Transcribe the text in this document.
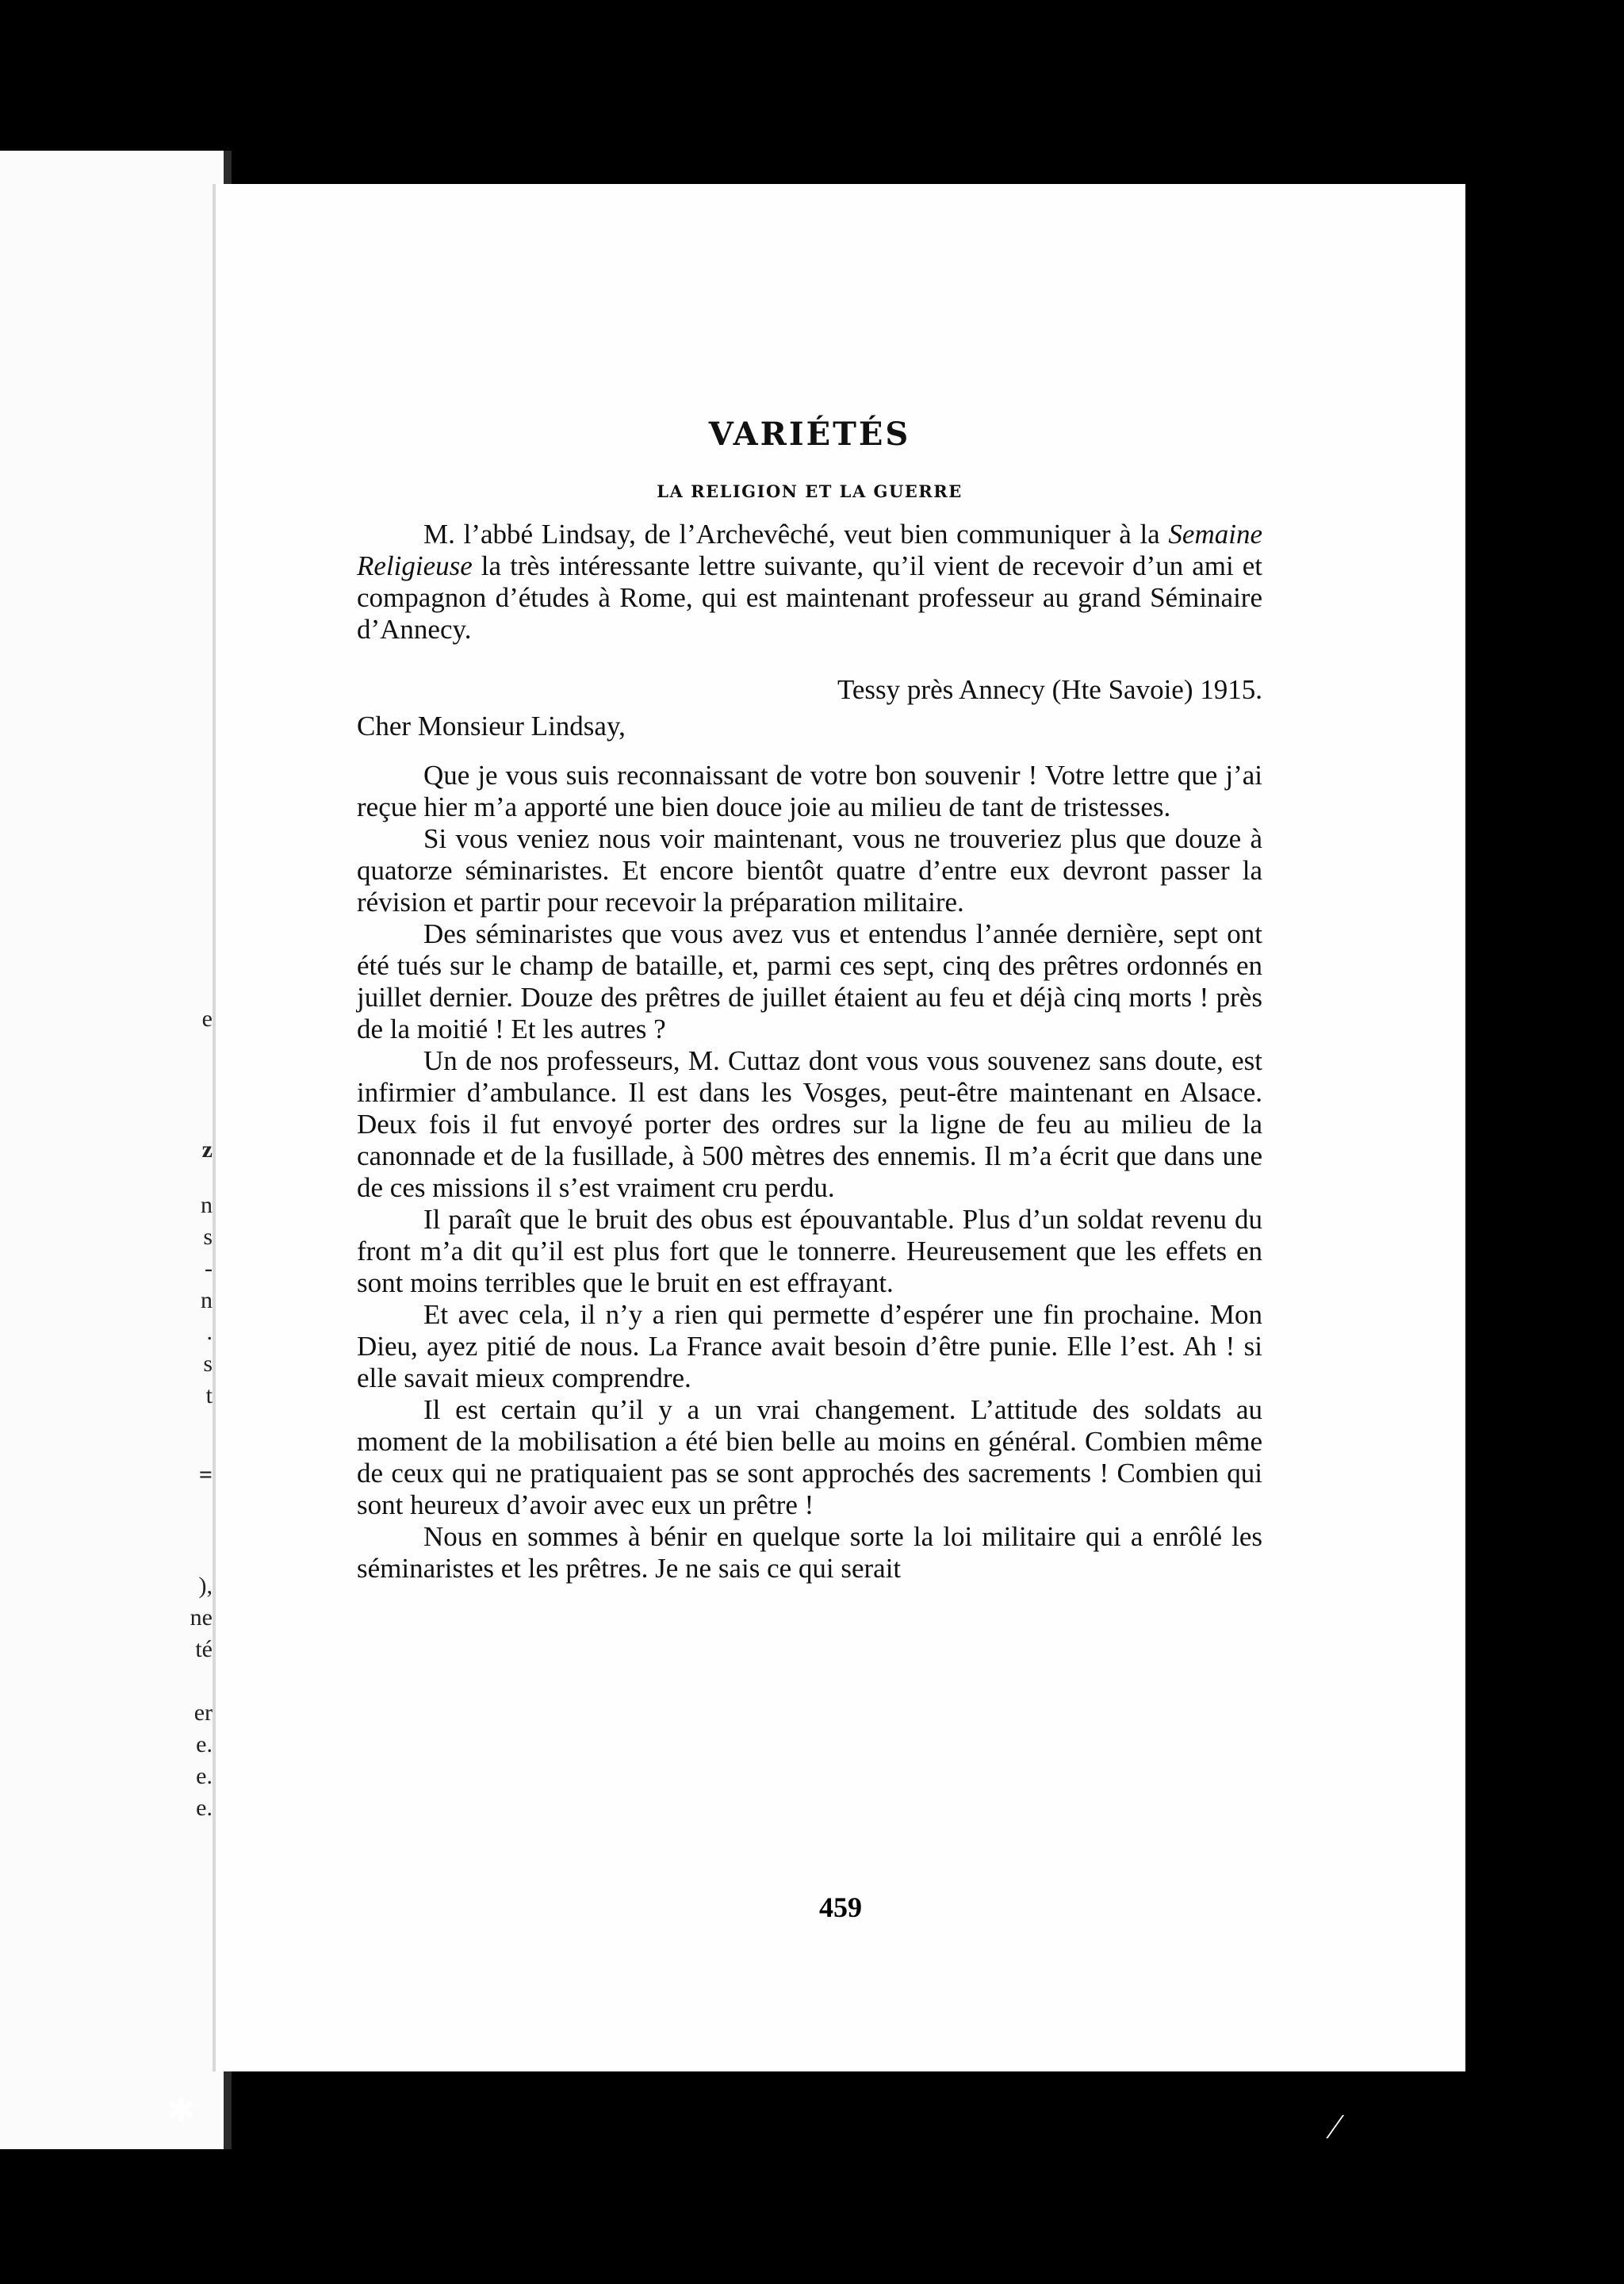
e
z
n
s
-
n
.
s
t
=
),
ne
té
er
e.
e.
e.
VARIÉTÉS
LA RELIGION ET LA GUERRE

M. l’abbé Lindsay, de l’Archevêché, veut bien communiquer à la Semaine Religieuse la très intéressante lettre suivante, qu’il vient de recevoir d’un ami et compagnon d’études à Rome, qui est maintenant professeur au grand Séminaire d’Annecy.

Tessy près Annecy (Hte Savoie) 1915.

Cher Monsieur Lindsay,

Que je vous suis reconnaissant de votre bon souvenir ! Votre lettre que j’ai reçue hier m’a apporté une bien douce joie au milieu de tant de tristesses.

Si vous veniez nous voir maintenant, vous ne trouveriez plus que douze à quatorze séminaristes. Et encore bientôt quatre d’entre eux devront passer la révision et partir pour recevoir la préparation militaire.

Des séminaristes que vous avez vus et entendus l’année dernière, sept ont été tués sur le champ de bataille, et, parmi ces sept, cinq des prêtres ordonnés en juillet dernier. Douze des prêtres de juillet étaient au feu et déjà cinq morts ! près de la moitié ! Et les autres ?

Un de nos professeurs, M. Cuttaz dont vous vous souvenez sans doute, est infirmier d’ambulance. Il est dans les Vosges, peut-être maintenant en Alsace. Deux fois il fut envoyé porter des ordres sur la ligne de feu au milieu de la canonnade et de la fusillade, à 500 mètres des ennemis. Il m’a écrit que dans une de ces missions il s’est vraiment cru perdu.

Il paraît que le bruit des obus est épouvantable. Plus d’un soldat revenu du front m’a dit qu’il est plus fort que le tonnerre. Heureusement que les effets en sont moins terribles que le bruit en est effrayant.

Et avec cela, il n’y a rien qui permette d’espérer une fin prochaine. Mon Dieu, ayez pitié de nous. La France avait besoin d’être punie. Elle l’est. Ah ! si elle savait mieux comprendre.

Il est certain qu’il y a un vrai changement. L’attitude des soldats au moment de la mobilisation a été bien belle au moins en général. Combien même de ceux qui ne pratiquaient pas se sont approchés des sacrements ! Combien qui sont heureux d’avoir avec eux un prêtre !

Nous en sommes à bénir en quelque sorte la loi militaire qui a enrôlé les séminaristes et les prêtres. Je ne sais ce qui serait

459
✱	⁄
